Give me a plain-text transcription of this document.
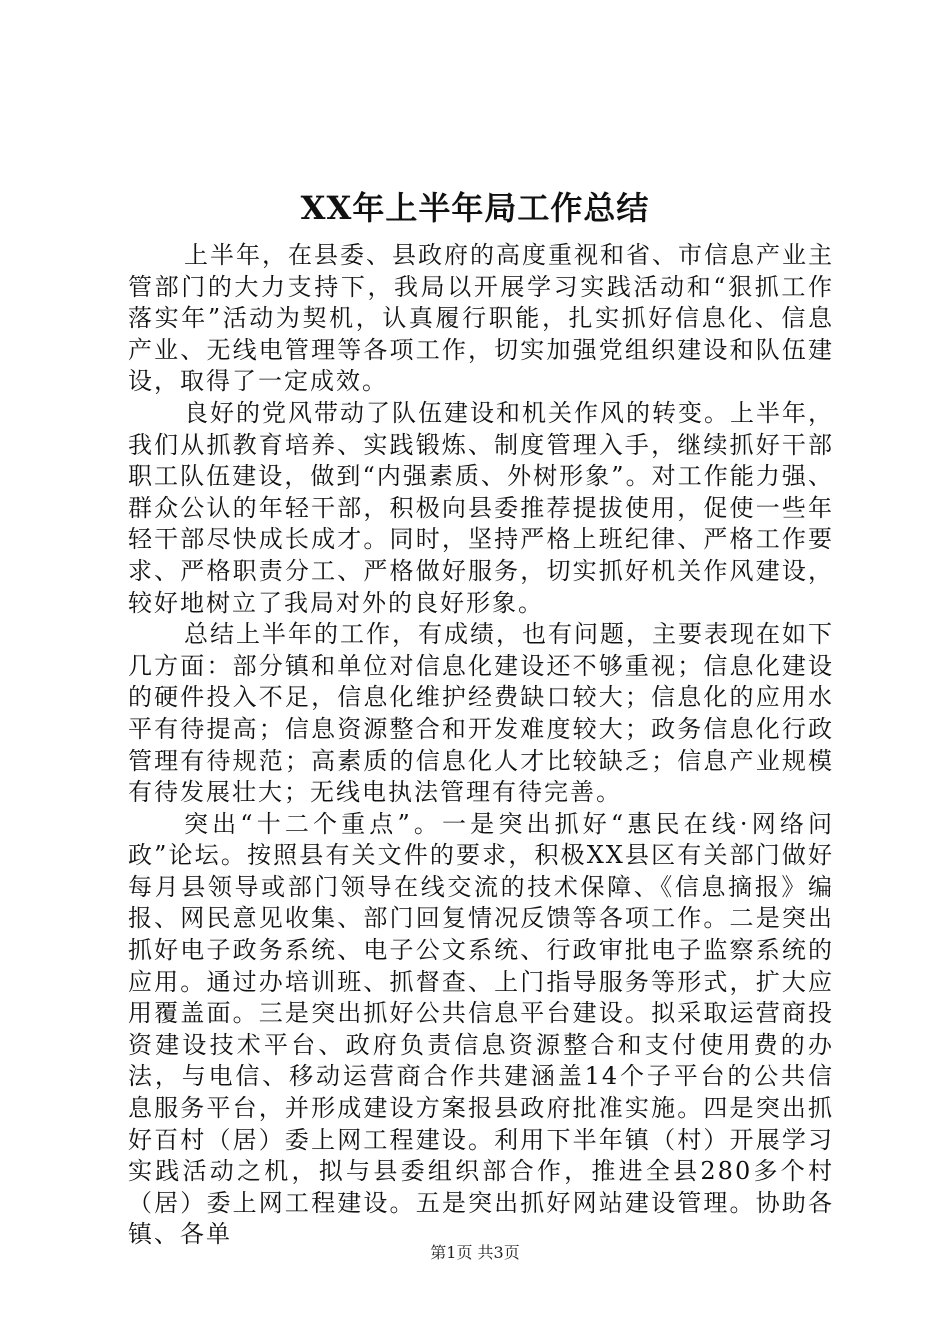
XX年上半年局工作总结

上半年，在县委、县政府的高度重视和省、市信息产业主管部门的大力支持下，我局以开展学习实践活动和“狠抓工作落实年”活动为契机，认真履行职能，扎实抓好信息化、信息产业、无线电管理等各项工作，切实加强党组织建设和队伍建设，取得了一定成效。

良好的党风带动了队伍建设和机关作风的转变。上半年，我们从抓教育培养、实践锻炼、制度管理入手，继续抓好干部职工队伍建设，做到“内强素质、外树形象”。对工作能力强、群众公认的年轻干部，积极向县委推荐提拔使用，促使一些年轻干部尽快成长成才。同时，坚持严格上班纪律、严格工作要求、严格职责分工、严格做好服务，切实抓好机关作风建设，较好地树立了我局对外的良好形象。

总结上半年的工作，有成绩，也有问题，主要表现在如下几方面：部分镇和单位对信息化建设还不够重视；信息化建设的硬件投入不足，信息化维护经费缺口较大；信息化的应用水平有待提高；信息资源整合和开发难度较大；政务信息化行政管理有待规范；高素质的信息化人才比较缺乏；信息产业规模有待发展壮大；无线电执法管理有待完善。

突出“十二个重点”。一是突出抓好“惠民在线·网络问政”论坛。按照县有关文件的要求，积极XX县区有关部门做好每月县领导或部门领导在线交流的技术保障、《信息摘报》编报、网民意见收集、部门回复情况反馈等各项工作。二是突出抓好电子政务系统、电子公文系统、行政审批电子监察系统的应用。通过办培训班、抓督查、上门指导服务等形式，扩大应用覆盖面。三是突出抓好公共信息平台建设。拟采取运营商投资建设技术平台、政府负责信息资源整合和支付使用费的办法，与电信、移动运营商合作共建涵盖14个子平台的公共信息服务平台，并形成建设方案报县政府批准实施。四是突出抓好百村（居）委上网工程建设。利用下半年镇（村）开展学习实践活动之机，拟与县委组织部合作，推进全县280多个村（居）委上网工程建设。五是突出抓好网站建设管理。协助各镇、各单

第1页 共3页
